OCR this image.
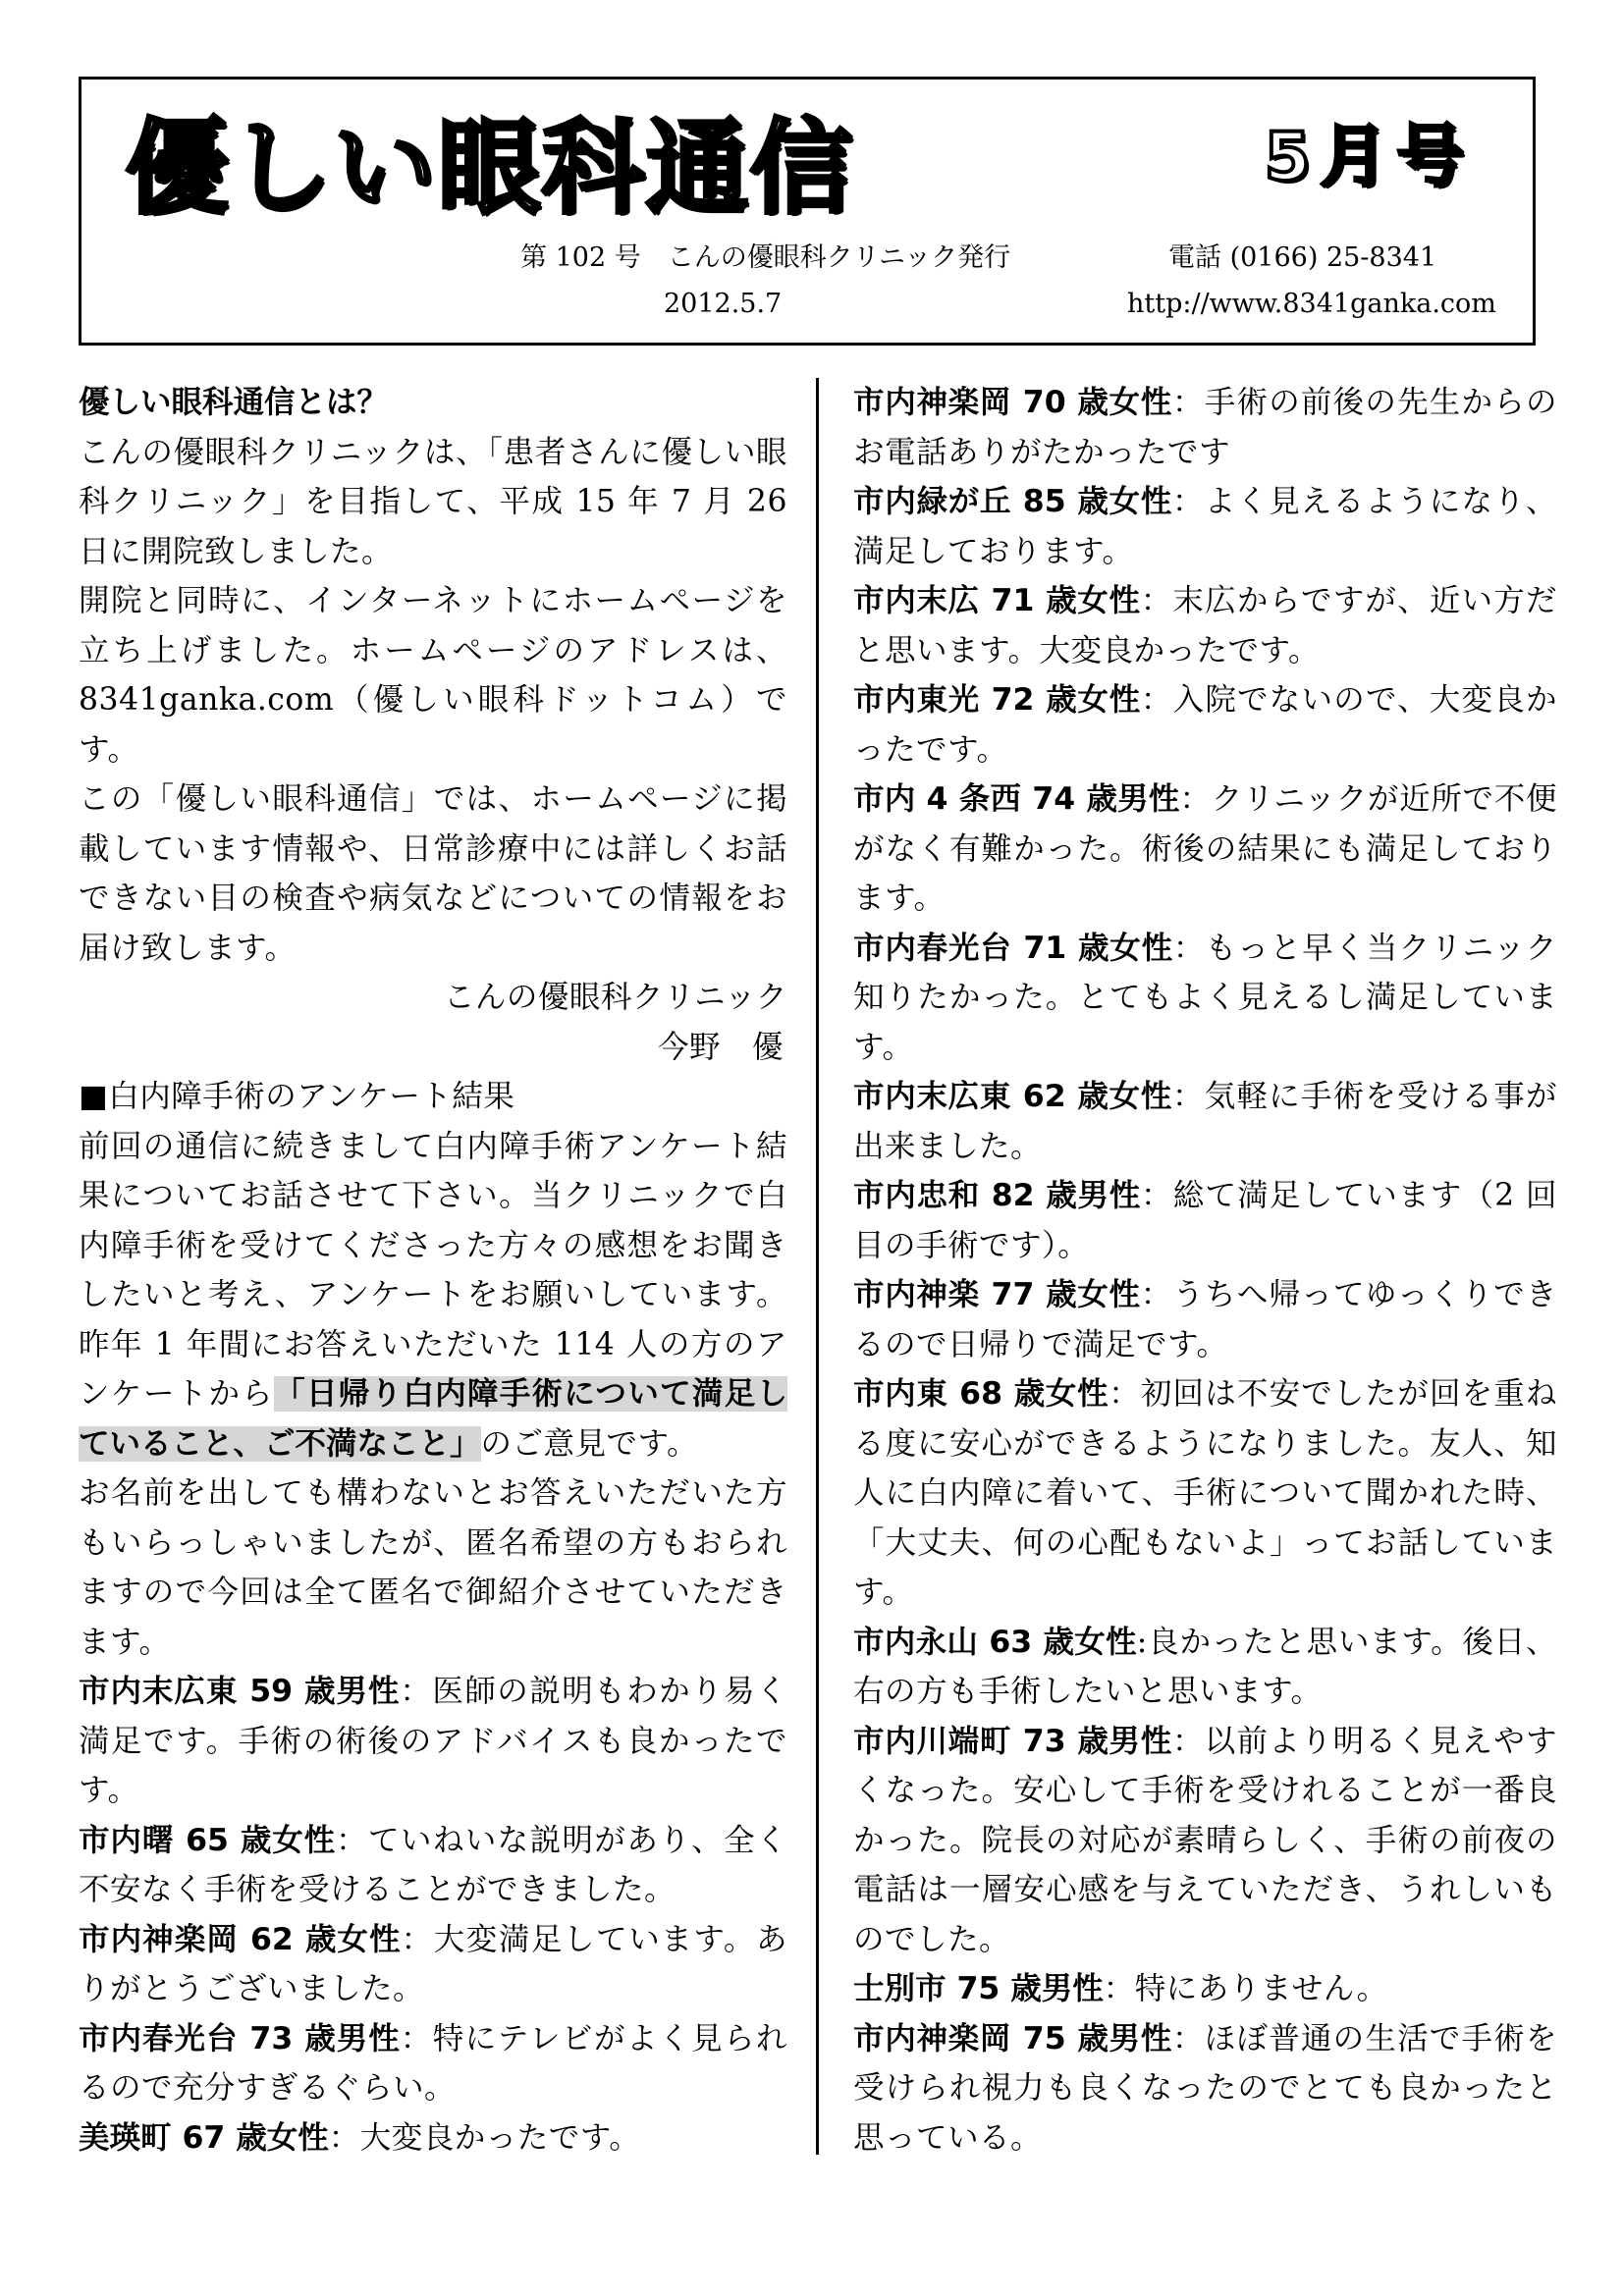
優しい眼科通信	5月号
第 102 号　こんの優眼科クリニック発行	電話 (0166) 25-8341
2012.5.7	http://www.8341ganka.com

優しい眼科通信とは？

こんの優眼科クリニックは、「患者さんに優しい眼科クリニック」を目指して、平成 15 年 7 月 26 日に開院致しました。

開院と同時に、インターネットにホームページを立ち上げました。ホームページのアドレスは、8341ganka.com（優しい眼科ドットコム）です。

この「優しい眼科通信」では、ホームページに掲載しています情報や、日常診療中には詳しくお話できない目の検査や病気などについての情報をお届け致します。

こんの優眼科クリニック

今野　優

■白内障手術のアンケート結果

前回の通信に続きまして白内障手術アンケート結果についてお話させて下さい。当クリニックで白内障手術を受けてくださった方々の感想をお聞きしたいと考え、アンケートをお願いしています。昨年 1 年間にお答えいただいた 114 人の方のアンケートから「日帰り白内障手術について満足していること、ご不満なこと」のご意見です。

お名前を出しても構わないとお答えいただいた方もいらっしゃいましたが、匿名希望の方もおられますので今回は全て匿名で御紹介させていただきます。

市内末広東 59 歳男性：医師の説明もわかり易く満足です。手術の術後のアドバイスも良かったです。

市内曙 65 歳女性：ていねいな説明があり、全く不安なく手術を受けることができました。

市内神楽岡 62 歳女性：大変満足しています。ありがとうございました。

市内春光台 73 歳男性：特にテレビがよく見られるので充分すぎるぐらい。

美瑛町 67 歳女性：大変良かったです。

市内神楽岡 70 歳女性：手術の前後の先生からのお電話ありがたかったです

市内緑が丘 85 歳女性：よく見えるようになり、満足しております。

市内末広 71 歳女性：末広からですが、近い方だと思います。大変良かったです。

市内東光 72 歳女性：入院でないので、大変良かったです。

市内 4 条西 74 歳男性：クリニックが近所で不便がなく有難かった。術後の結果にも満足しております。

市内春光台 71 歳女性：もっと早く当クリニック知りたかった。とてもよく見えるし満足しています。

市内末広東 62 歳女性：気軽に手術を受ける事が出来ました。

市内忠和 82 歳男性：総て満足しています（2 回目の手術です）。

市内神楽 77 歳女性：うちへ帰ってゆっくりできるので日帰りで満足です。

市内東 68 歳女性：初回は不安でしたが回を重ねる度に安心ができるようになりました。友人、知人に白内障に着いて、手術について聞かれた時、「大丈夫、何の心配もないよ」ってお話しています。

市内永山 63 歳女性:良かったと思います。後日、右の方も手術したいと思います。

市内川端町 73 歳男性：以前より明るく見えやすくなった。安心して手術を受けれることが一番良かった。院長の対応が素晴らしく、手術の前夜の電話は一層安心感を与えていただき、うれしいものでした。

士別市 75 歳男性：特にありません。

市内神楽岡 75 歳男性：ほぼ普通の生活で手術を受けられ視力も良くなったのでとても良かったと思っている。
